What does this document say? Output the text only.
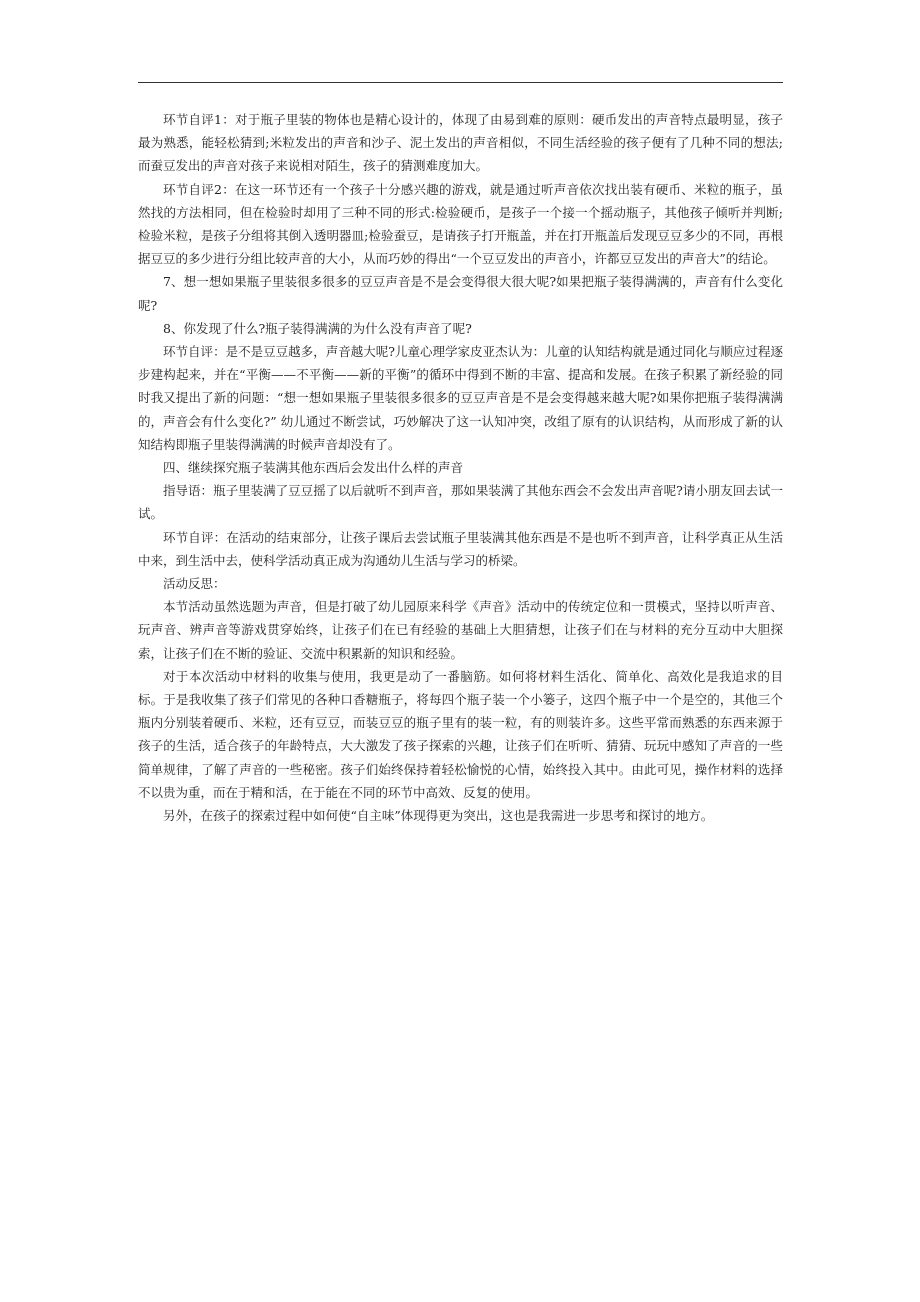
环节自评1：对于瓶子里装的物体也是精心设计的，体现了由易到难的原则：硬币发出的声音特点最明显，孩子最为熟悉，能轻松猜到;米粒发出的声音和沙子、泥土发出的声音相似，不同生活经验的孩子便有了几种不同的想法;而蚕豆发出的声音对孩子来说相对陌生，孩子的猜测难度加大。

环节自评2：在这一环节还有一个孩子十分感兴趣的游戏，就是通过听声音依次找出装有硬币、米粒的瓶子，虽然找的方法相同，但在检验时却用了三种不同的形式:检验硬币，是孩子一个接一个摇动瓶子，其他孩子倾听并判断;检验米粒，是孩子分组将其倒入透明器皿;检验蚕豆，是请孩子打开瓶盖，并在打开瓶盖后发现豆豆多少的不同，再根据豆豆的多少进行分组比较声音的大小，从而巧妙的得出“一个豆豆发出的声音小，许都豆豆发出的声音大”的结论。

7、想一想如果瓶子里装很多很多的豆豆声音是不是会变得很大很大呢?如果把瓶子装得满满的，声音有什么变化呢?

8、你发现了什么?瓶子装得满满的为什么没有声音了呢?

环节自评：是不是豆豆越多，声音越大呢?儿童心理学家皮亚杰认为：儿童的认知结构就是通过同化与顺应过程逐步建构起来，并在“平衡——不平衡——新的平衡”的循环中得到不断的丰富、提高和发展。在孩子积累了新经验的同时我又提出了新的问题：“想一想如果瓶子里装很多很多的豆豆声音是不是会变得越来越大呢?如果你把瓶子装得满满的，声音会有什么变化?” 幼儿通过不断尝试，巧妙解决了这一认知冲突，改组了原有的认识结构，从而形成了新的认知结构即瓶子里装得满满的时候声音却没有了。

四、继续探究瓶子装满其他东西后会发出什么样的声音

指导语：瓶子里装满了豆豆摇了以后就听不到声音，那如果装满了其他东西会不会发出声音呢?请小朋友回去试一试。

环节自评：在活动的结束部分，让孩子课后去尝试瓶子里装满其他东西是不是也听不到声音，让科学真正从生活中来，到生活中去，使科学活动真正成为沟通幼儿生活与学习的桥梁。

活动反思：

本节活动虽然选题为声音，但是打破了幼儿园原来科学《声音》活动中的传统定位和一贯模式，坚持以听声音、玩声音、辨声音等游戏贯穿始终，让孩子们在已有经验的基础上大胆猜想，让孩子们在与材料的充分互动中大胆探索，让孩子们在不断的验证、交流中积累新的知识和经验。

对于本次活动中材料的收集与使用，我更是动了一番脑筋。如何将材料生活化、简单化、高效化是我追求的目标。于是我收集了孩子们常见的各种口香糖瓶子，将每四个瓶子装一个小篓子，这四个瓶子中一个是空的，其他三个瓶内分别装着硬币、米粒，还有豆豆，而装豆豆的瓶子里有的装一粒，有的则装许多。这些平常而熟悉的东西来源于孩子的生活，适合孩子的年龄特点，大大激发了孩子探索的兴趣，让孩子们在听听、猜猜、玩玩中感知了声音的一些简单规律，了解了声音的一些秘密。孩子们始终保持着轻松愉悦的心情，始终投入其中。由此可见，操作材料的选择不以贵为重，而在于精和活，在于能在不同的环节中高效、反复的使用。

另外，在孩子的探索过程中如何使“自主味”体现得更为突出，这也是我需进一步思考和探讨的地方。
